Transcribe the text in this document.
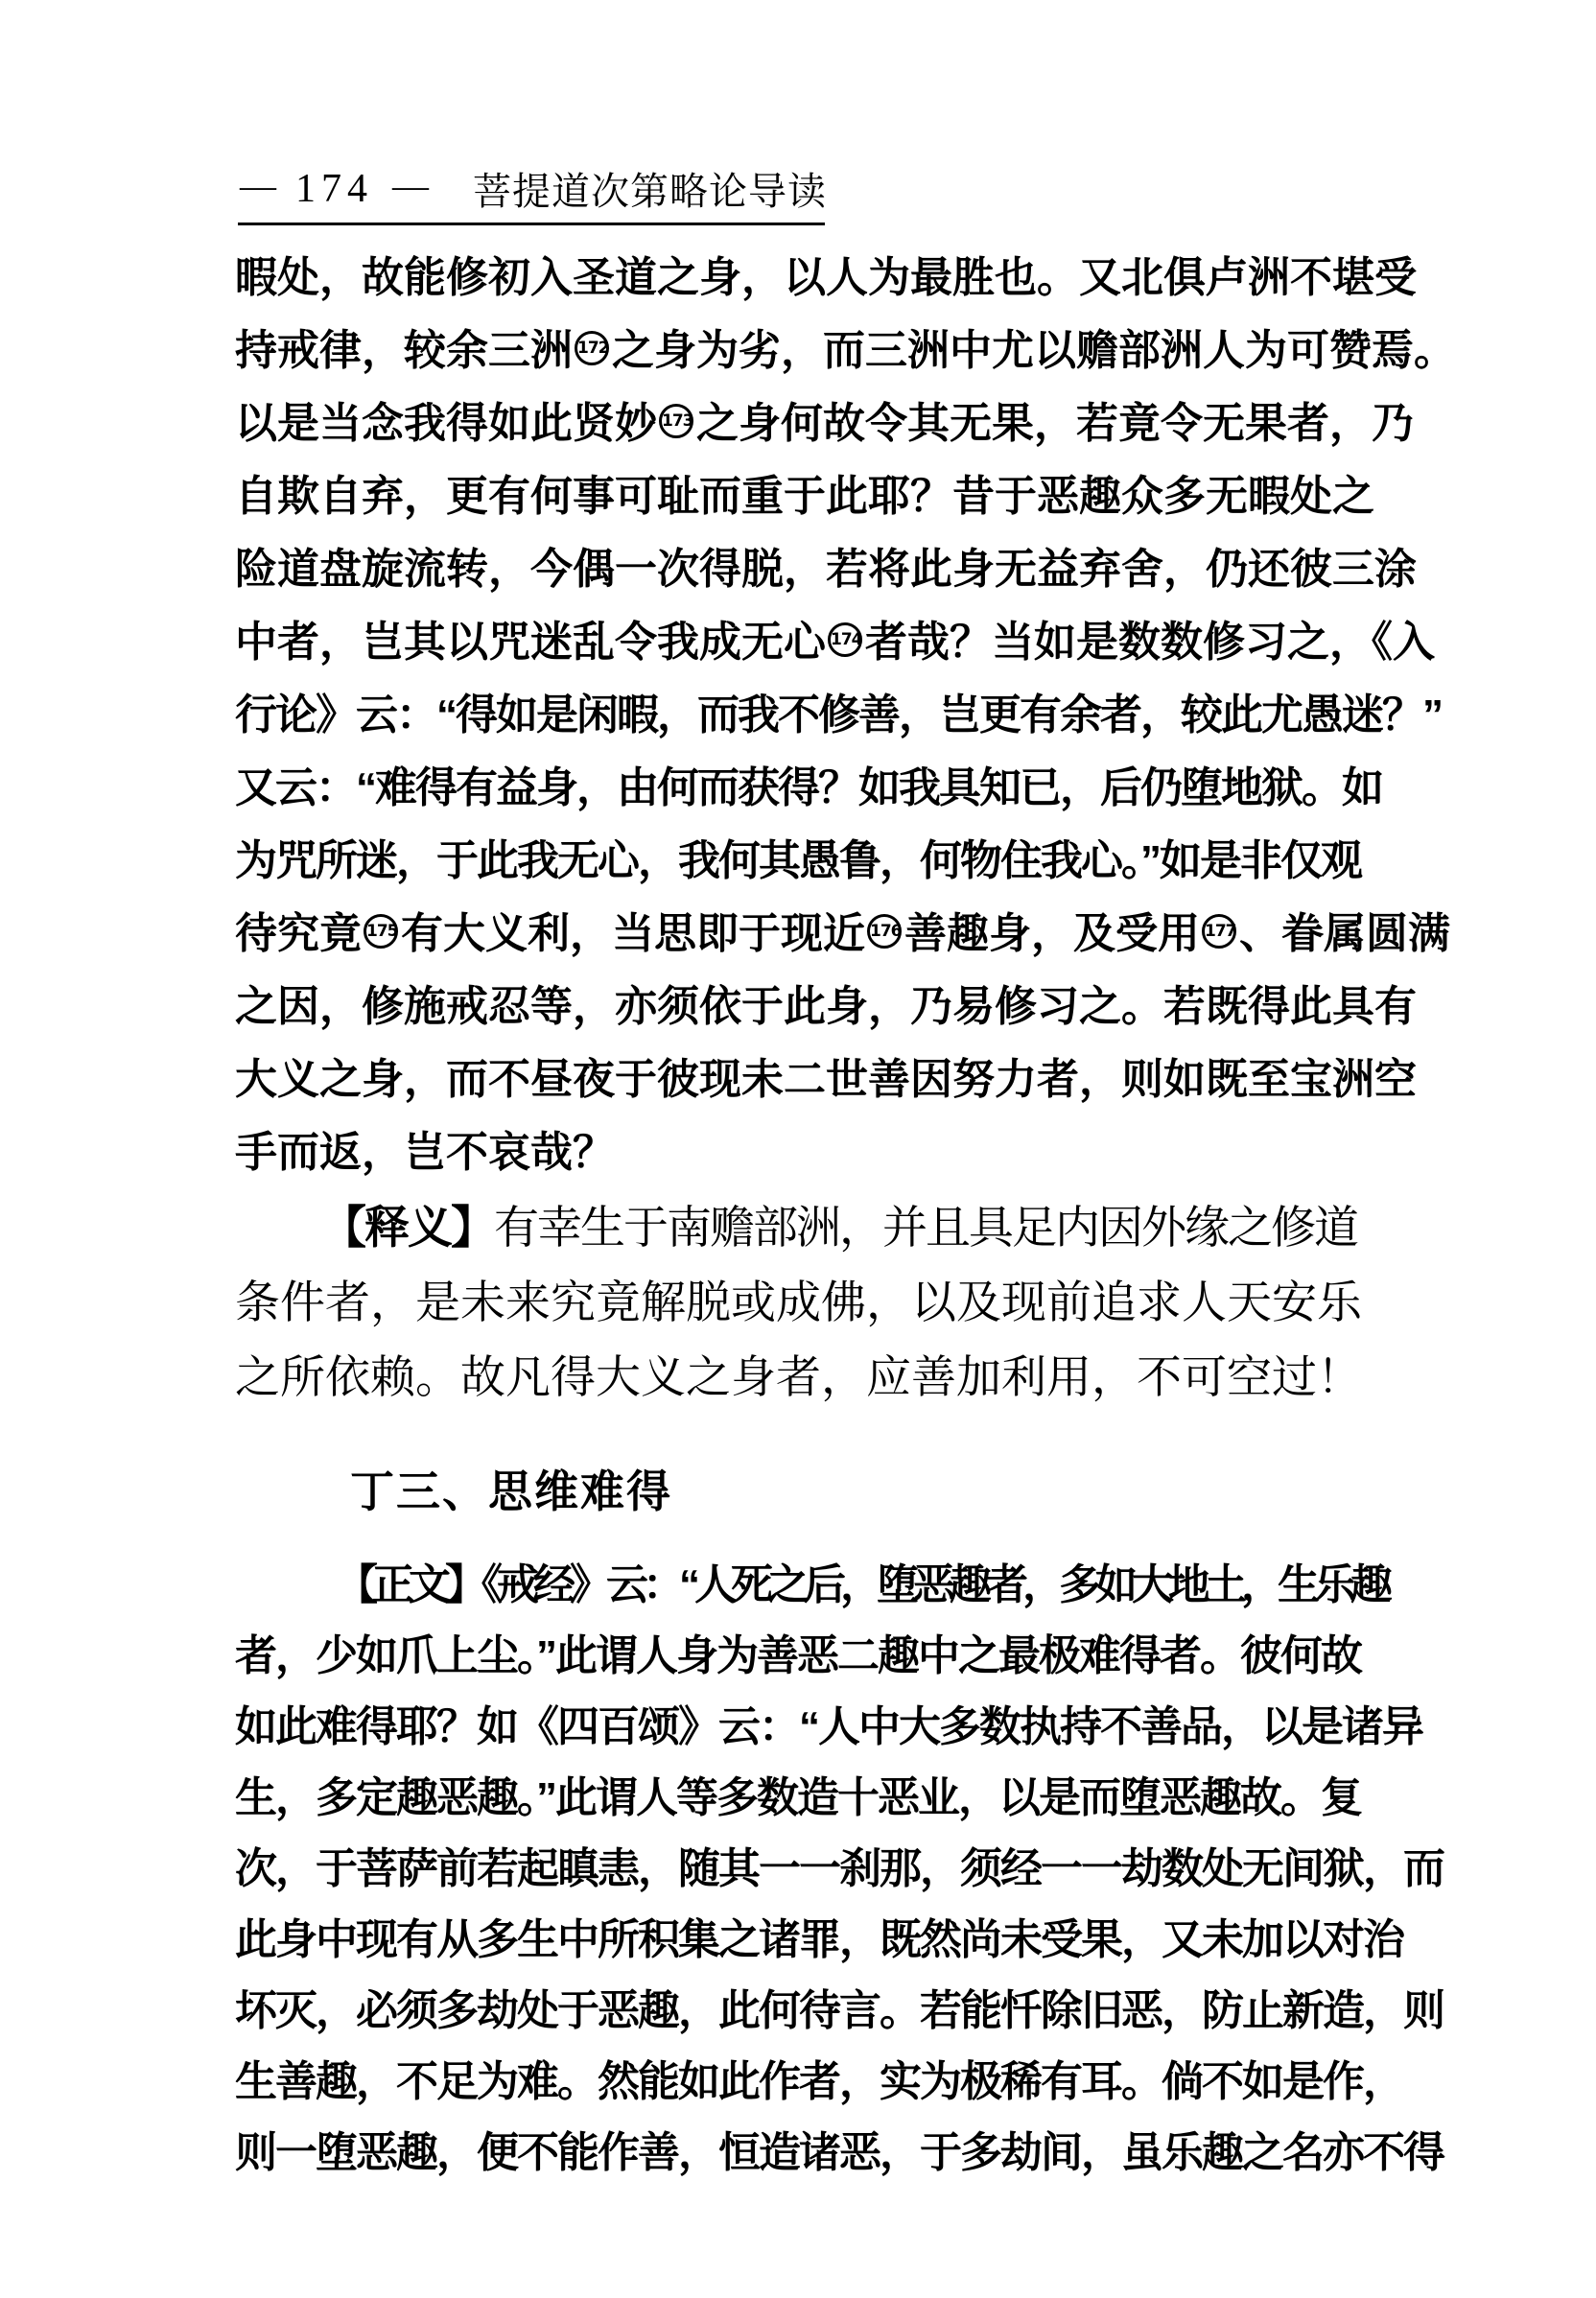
— 174 — 菩提道次第略论导读
暇处，故能修初入圣道之身，以人为最胜也。又北俱卢洲不堪受
持戒律，较余三洲 172之身为劣，而三洲中尤以赡部洲人为可赞焉。
以是当念我得如此贤妙 173之身何故令其无果，若竟令无果者，乃
自欺自弃，更有何事可耻而重于此耶？昔于恶趣众多无暇处之
险道盘旋流转，今偶一次得脱，若将此身无益弃舍，仍还彼三涂
中者，岂其以咒迷乱令我成无心 174者哉？当如是数数修习之，《入
行论》云：“得如是闲暇，而我不修善，岂更有余者，较此尤愚迷？”
又云：“难得有益身，由何而获得？如我具知已，后仍堕地狱。如
为咒所迷，于此我无心，我何其愚鲁，何物住我心。”如是非仅观
待究竟 175有大义利，当思即于现近 176善趣身，及受用 177、眷属圆满
之因，修施戒忍等，亦须依于此身，乃易修习之。若既得此具有
大义之身，而不昼夜于彼现未二世善因努力者，则如既至宝洲空
手而返，岂不哀哉？
【释义】有幸生于南赡部洲，并且具足内因外缘之修道
条件者，是未来究竟解脱或成佛，以及现前追求人天安乐
之所依赖。故凡得大义之身者，应善加利用，不可空过！
丁三、思维难得
【正文】《戒经》云：“人死之后，堕恶趣者，多如大地土，生乐趣
者，少如爪上尘。”此谓人身为善恶二趣中之最极难得者。彼何故
如此难得耶？如《四百颂》云：“人中大多数执持不善品，以是诸异
生，多定趣恶趣。”此谓人等多数造十恶业，以是而堕恶趣故。复
次，于菩萨前若起瞋恚，随其一一刹那，须经一一劫数处无间狱，而
此身中现有从多生中所积集之诸罪，既然尚未受果，又未加以对治
坏灭，必须多劫处于恶趣，此何待言。若能忏除旧恶，防止新造，则
生善趣，不足为难。然能如此作者，实为极稀有耳。倘不如是作，
则一堕恶趣，便不能作善，恒造诸恶，于多劫间，虽乐趣之名亦不得
